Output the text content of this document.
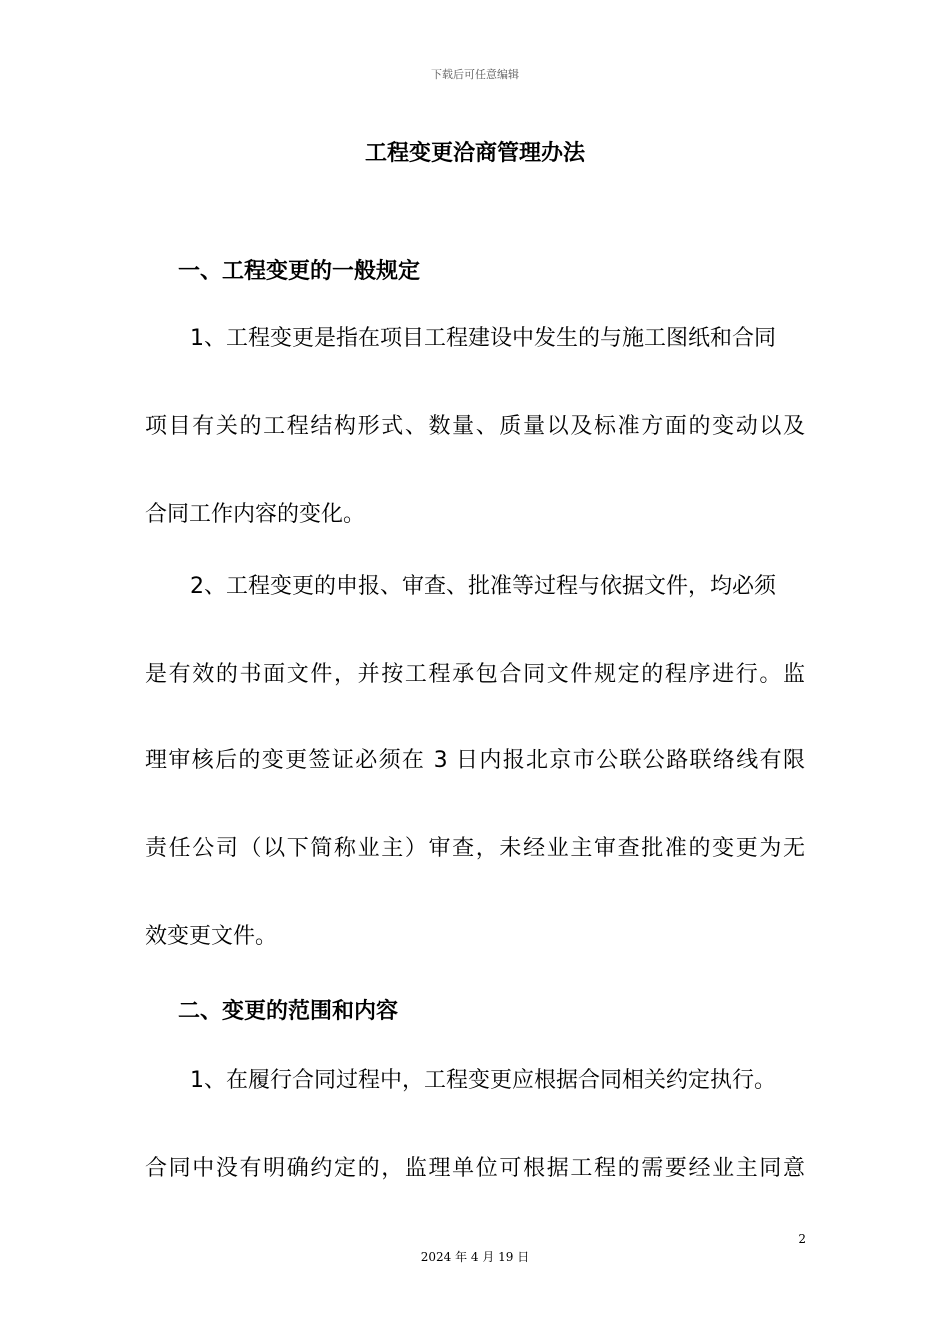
下载后可任意编辑
工程变更洽商管理办法
一、工程变更的一般规定

1、工程变更是指在项目工程建设中发生的与施工图纸和合同

项目有关的工程结构形式、数量、质量以及标准方面的变动以及

合同工作内容的变化。

2、工程变更的申报、审查、批准等过程与依据文件，均必须

是有效的书面文件，并按工程承包合同文件规定的程序进行。监

理审核后的变更签证必须在 3 日内报北京市公联公路联络线有限

责任公司（以下简称业主）审查，未经业主审查批准的变更为无

效变更文件。

二、变更的范围和内容

1、在履行合同过程中，工程变更应根据合同相关约定执行。

合同中没有明确约定的，监理单位可根据工程的需要经业主同意

2
2024 年 4 月 19 日
